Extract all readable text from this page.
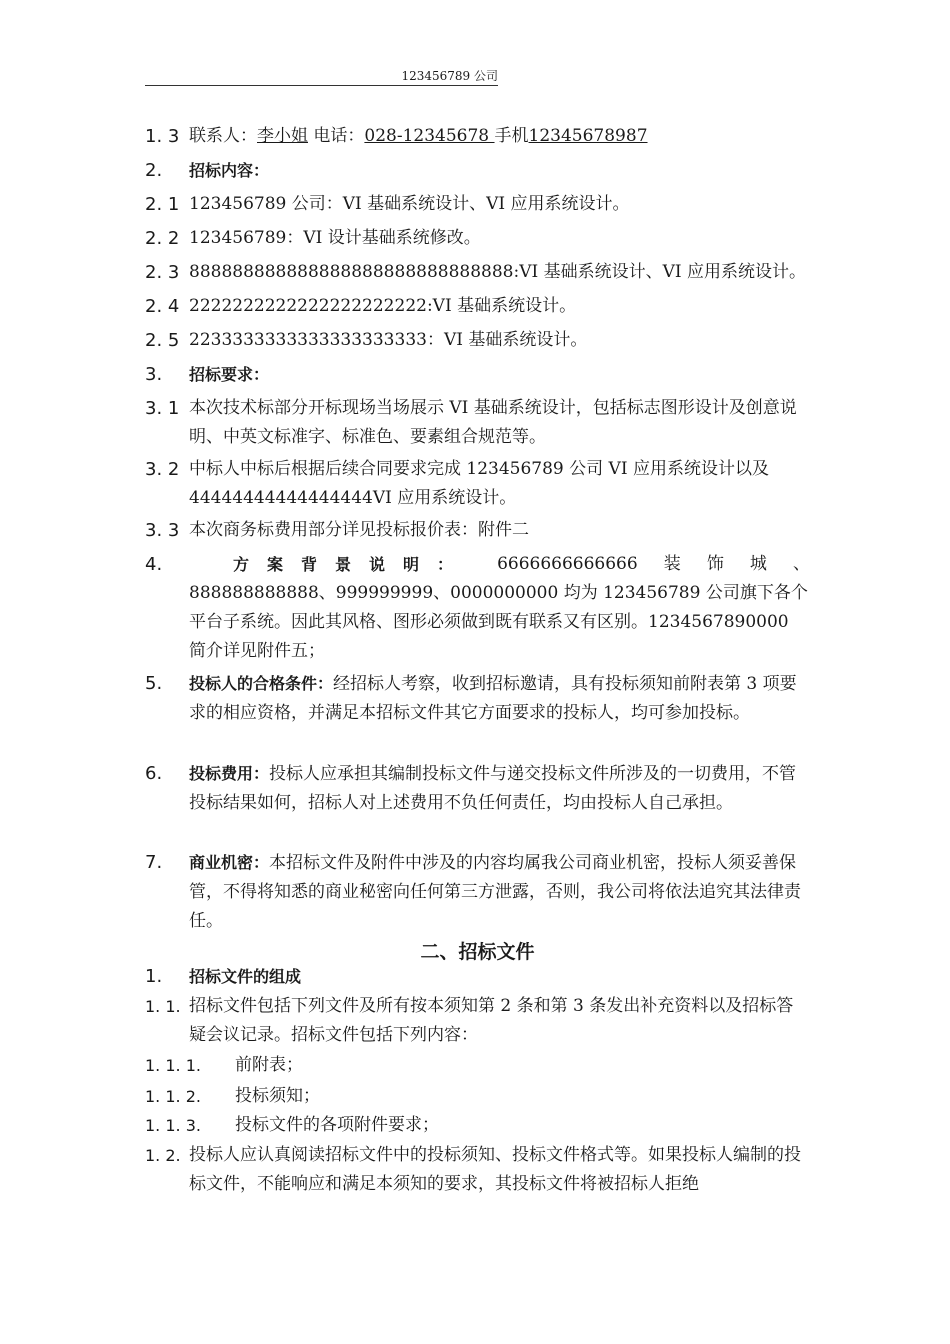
123456789 公司
1. 3 联系人：李小姐 电话：028-12345678 手机12345678987
2. 招标内容：
2. 1 123456789 公司：VI 基础系统设计、VI 应用系统设计。
2. 2 123456789：VI 设计基础系统修改。
2. 3 888888888888888888888888888888:VI 基础系统设计、VI 应用系统设计。
2. 4 2222222222222222222222:VI 基础系统设计。
2. 5 2233333333333333333333：VI 基础系统设计。
3. 招标要求：
3. 1 本次技术标部分开标现场当场展示 VI 基础系统设计，包括标志图形设计及创意说明、中英文标准字、标准色、要素组合规范等。
3. 2 中标人中标后根据后续合同要求完成 123456789 公司 VI 应用系统设计以及 44444444444444444VI 应用系统设计。
3. 3 本次商务标费用部分详见投标报价表：附件二
4.	方案背景说明： 6666666666666 装 饰 城 、
888888888888、999999999、0000000000 均为 123456789 公司旗下各个平台子系统。因此其风格、图形必须做到既有联系又有区别。1234567890000 简介详见附件五；
5. 投标人的合格条件：经招标人考察，收到招标邀请，具有投标须知前附表第 3 项要求的相应资格，并满足本招标文件其它方面要求的投标人，均可参加投标。
6. 投标费用：投标人应承担其编制投标文件与递交投标文件所涉及的一切费用，不管投标结果如何，招标人对上述费用不负任何责任，均由投标人自己承担。
7. 商业机密：本招标文件及附件中涉及的内容均属我公司商业机密，投标人须妥善保管，不得将知悉的商业秘密向任何第三方泄露，否则，我公司将依法追究其法律责任。
二、招标文件
1. 招标文件的组成
1. 1. 招标文件包括下列文件及所有按本须知第 2 条和第 3 条发出补充资料以及招标答疑会议记录。招标文件包括下列内容：
1. 1. 1. 前附表；
1. 1. 2. 投标须知；
1. 1. 3. 投标文件的各项附件要求；
1. 2. 投标人应认真阅读招标文件中的投标须知、投标文件格式等。如果投标人编制的投标文件，不能响应和满足本须知的要求，其投标文件将被招标人拒绝
